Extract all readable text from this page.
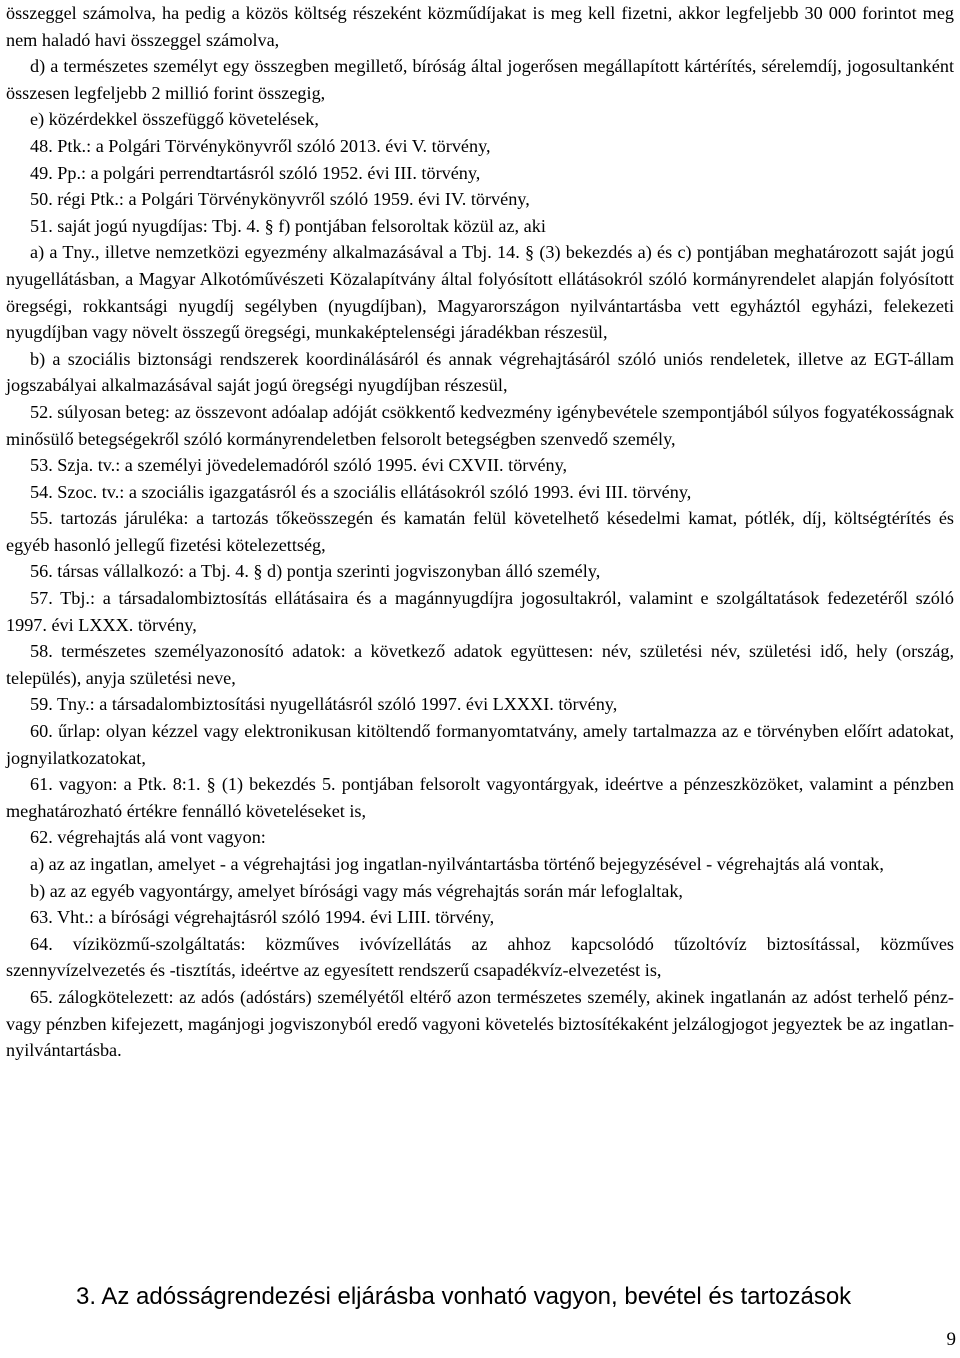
összeggel számolva, ha pedig a közös költség részeként közműdíjakat is meg kell fizetni, akkor legfeljebb 30 000 forintot meg nem haladó havi összeggel számolva,

d) a természetes személyt egy összegben megillető, bíróság által jogerősen megállapított kártérítés, sérelemdíj, jogosultanként összesen legfeljebb 2 millió forint összegig,

e) közérdekkel összefüggő követelések,

48. Ptk.: a Polgári Törvénykönyvről szóló 2013. évi V. törvény,

49. Pp.: a polgári perrendtartásról szóló 1952. évi III. törvény,

50. régi Ptk.: a Polgári Törvénykönyvről szóló 1959. évi IV. törvény,

51. saját jogú nyugdíjas: Tbj. 4. § f) pontjában felsoroltak közül az, aki

a) a Tny., illetve nemzetközi egyezmény alkalmazásával a Tbj. 14. § (3) bekezdés a) és c) pontjában meghatározott saját jogú nyugellátásban, a Magyar Alkotóművészeti Közalapítvány által folyósított ellátásokról szóló kormányrendelet alapján folyósított öregségi, rokkantsági nyugdíj segélyben (nyugdíjban), Magyarországon nyilvántartásba vett egyháztól egyházi, felekezeti nyugdíjban vagy növelt összegű öregségi, munkaképtelenségi járadékban részesül,

b) a szociális biztonsági rendszerek koordinálásáról és annak végrehajtásáról szóló uniós rendeletek, illetve az EGT-állam jogszabályai alkalmazásával saját jogú öregségi nyugdíjban részesül,

52. súlyosan beteg: az összevont adóalap adóját csökkentő kedvezmény igénybevétele szempontjából súlyos fogyatékosságnak minősülő betegségekről szóló kormányrendeletben felsorolt betegségben szenvedő személy,

53. Szja. tv.: a személyi jövedelemadóról szóló 1995. évi CXVII. törvény,

54. Szoc. tv.: a szociális igazgatásról és a szociális ellátásokról szóló 1993. évi III. törvény,

55. tartozás járuléka: a tartozás tőkeösszegén és kamatán felül követelhető késedelmi kamat, pótlék, díj, költségtérítés és egyéb hasonló jellegű fizetési kötelezettség,

56. társas vállalkozó: a Tbj. 4. § d) pontja szerinti jogviszonyban álló személy,

57. Tbj.: a társadalombiztosítás ellátásaira és a magánnyugdíjra jogosultakról, valamint e szolgáltatások fedezetéről szóló 1997. évi LXXX. törvény,

58. természetes személyazonosító adatok: a következő adatok együttesen: név, születési név, születési idő, hely (ország, település), anyja születési neve,

59. Tny.: a társadalombiztosítási nyugellátásról szóló 1997. évi LXXXI. törvény,

60. űrlap: olyan kézzel vagy elektronikusan kitöltendő formanyomtatvány, amely tartalmazza az e törvényben előírt adatokat, jognyilatkozatokat,

61. vagyon: a Ptk. 8:1. § (1) bekezdés 5. pontjában felsorolt vagyontárgyak, ideértve a pénzeszközöket, valamint a pénzben meghatározható értékre fennálló követeléseket is,

62. végrehajtás alá vont vagyon:

a) az az ingatlan, amelyet - a végrehajtási jog ingatlan-nyilvántartásba történő bejegyzésével - végrehajtás alá vontak,

b) az az egyéb vagyontárgy, amelyet bírósági vagy más végrehajtás során már lefoglaltak,

63. Vht.: a bírósági végrehajtásról szóló 1994. évi LIII. törvény,

64. víziközmű-szolgáltatás: közműves ivóvízellátás az ahhoz kapcsolódó tűzoltóvíz biztosítással, közműves szennyvízelvezetés és -tisztítás, ideértve az egyesített rendszerű csapadékvíz-elvezetést is,

65. zálogkötelezett: az adós (adóstárs) személyétől eltérő azon természetes személy, akinek ingatlanán az adóst terhelő pénz- vagy pénzben kifejezett, magánjogi jogviszonyból eredő vagyoni követelés biztosítékaként jelzálogjogot jegyeztek be az ingatlan-nyilvántartásba.

3. Az adósságrendezési eljárásba vonható vagyon, bevétel és tartozások
9
